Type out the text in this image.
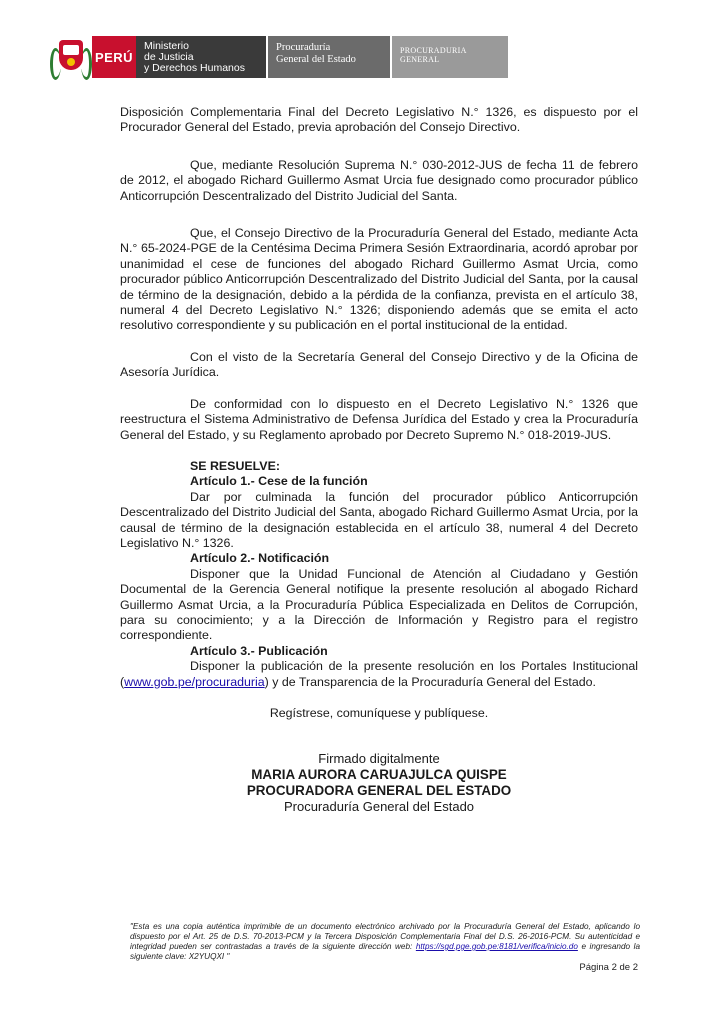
PERÚ
Ministerio
de Justicia
y Derechos Humanos
Procuraduría
General del Estado
PROCURADURIA
GENERAL

Disposición Complementaria Final del Decreto Legislativo N.° 1326, es dispuesto por el Procurador General del Estado, previa aprobación del Consejo Directivo.

Que, mediante Resolución Suprema N.° 030-2012-JUS de fecha 11 de febrero de 2012, el abogado Richard Guillermo Asmat Urcia fue designado como procurador público Anticorrupción Descentralizado del Distrito Judicial del Santa.

Que, el Consejo Directivo de la Procuraduría General del Estado, mediante Acta N.° 65-2024-PGE de la Centésima Decima Primera Sesión Extraordinaria, acordó aprobar por unanimidad el cese de funciones del abogado Richard Guillermo Asmat Urcia, como procurador público Anticorrupción Descentralizado del Distrito Judicial del Santa, por la causal de término de la designación, debido a la pérdida de la confianza, prevista en el artículo 38, numeral 4 del Decreto Legislativo N.° 1326; disponiendo además que se emita el acto resolutivo correspondiente y su publicación en el portal institucional de la entidad.

Con el visto de la Secretaría General del Consejo Directivo y de la Oficina de Asesoría Jurídica.

De conformidad con lo dispuesto en el Decreto Legislativo N.° 1326 que reestructura el Sistema Administrativo de Defensa Jurídica del Estado y crea la Procuraduría General del Estado, y su Reglamento aprobado por Decreto Supremo N.° 018-2019-JUS.

SE RESUELVE:

Artículo 1.- Cese de la función

Dar por culminada la función del procurador público Anticorrupción Descentralizado del Distrito Judicial del Santa, abogado Richard Guillermo Asmat Urcia, por la causal de término de la designación establecida en el artículo 38, numeral 4 del Decreto Legislativo N.° 1326.

Artículo 2.- Notificación

Disponer que la Unidad Funcional de Atención al Ciudadano y Gestión Documental de la Gerencia General notifique la presente resolución al abogado Richard Guillermo Asmat Urcia, a la Procuraduría Pública Especializada en Delitos de Corrupción, para su conocimiento; y a la Dirección de Información y Registro para el registro correspondiente.

Artículo 3.- Publicación

Disponer la publicación de la presente resolución en los Portales Institucional (www.gob.pe/procuraduria) y de Transparencia de la Procuraduría General del Estado.

Regístrese, comuníquese y publíquese.

Firmado digitalmente
MARIA AURORA CARUAJULCA QUISPE
PROCURADORA GENERAL DEL ESTADO
Procuraduría General del Estado
"Esta es una copia auténtica imprimible de un documento electrónico archivado por la Procuraduría General del Estado, aplicando lo dispuesto por el Art. 25 de D.S. 70-2013-PCM y la Tercera Disposición Complementaria Final del D.S. 26-2016-PCM. Su autenticidad e integridad pueden ser contrastadas a través de la siguiente dirección web: https://sgd.pge.gob.pe:8181/verifica/inicio.do e ingresando la siguiente clave: X2YUQXI "
Página 2 de 2
